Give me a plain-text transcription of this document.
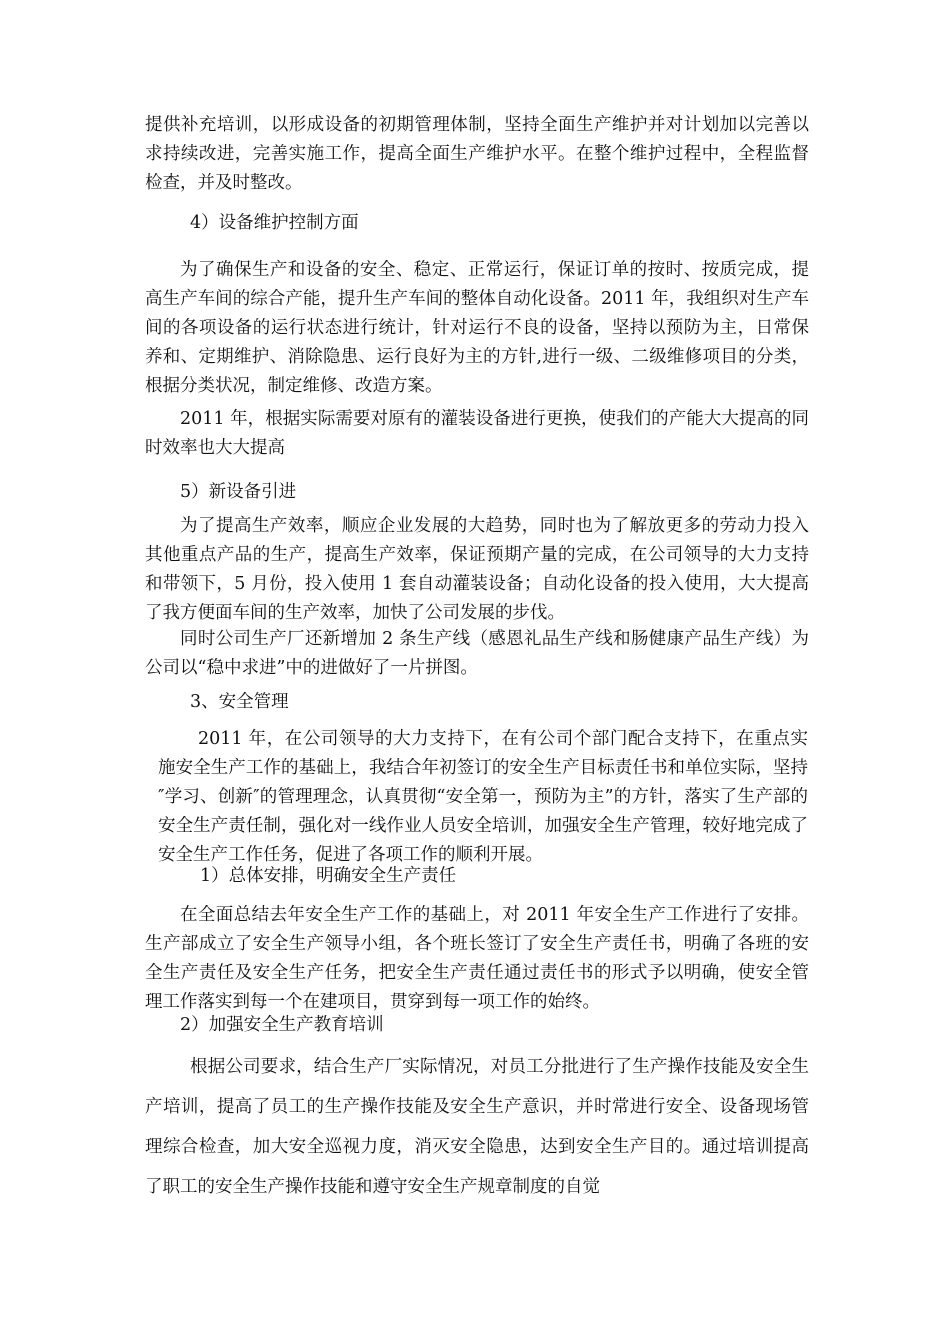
提供补充培训，以形成设备的初期管理体制，坚持全面生产维护并对计划加以完善以求持续改进，完善实施工作，提高全面生产维护水平。在整个维护过程中，全程监督检查，并及时整改。

4）设备维护控制方面

为了确保生产和设备的安全、稳定、正常运行，保证订单的按时、按质完成，提高生产车间的综合产能，提升生产车间的整体自动化设备。2011 年，我组织对生产车间的各项设备的运行状态进行统计，针对运行不良的设备，坚持以预防为主，日常保养和、定期维护、消除隐患、运行良好为主的方针,进行一级、二级维修项目的分类，根据分类状况，制定维修、改造方案。

2011 年，根据实际需要对原有的灌装设备进行更换，使我们的产能大大提高的同时效率也大大提高

5）新设备引进

为了提高生产效率，顺应企业发展的大趋势，同时也为了解放更多的劳动力投入其他重点产品的生产，提高生产效率，保证预期产量的完成，在公司领导的大力支持和带领下，5 月份，投入使用 1 套自动灌装设备；自动化设备的投入使用，大大提高了我方便面车间的生产效率，加快了公司发展的步伐。

同时公司生产厂还新增加 2 条生产线（感恩礼品生产线和肠健康产品生产线）为公司以“稳中求进”中的进做好了一片拼图。

3、安全管理

2011 年，在公司领导的大力支持下，在有公司个部门配合支持下，在重点实施安全生产工作的基础上，我结合年初签订的安全生产目标责任书和单位实际，坚持 ″学习、创新″的管理理念，认真贯彻“安全第一，预防为主”的方针，落实了生产部的安全生产责任制，强化对一线作业人员安全培训，加强安全生产管理，较好地完成了安全生产工作任务，促进了各项工作的顺利开展。

1）总体安排，明确安全生产责任

在全面总结去年安全生产工作的基础上，对 2011 年安全生产工作进行了安排。生产部成立了安全生产领导小组，各个班长签订了安全生产责任书，明确了各班的安全生产责任及安全生产任务，把安全生产责任通过责任书的形式予以明确，使安全管理工作落实到每一个在建项目，贯穿到每一项工作的始终。

2）加强安全生产教育培训

根据公司要求，结合生产厂实际情况，对员工分批进行了生产操作技能及安全生产培训，提高了员工的生产操作技能及安全生产意识，并时常进行安全、设备现场管理综合检查，加大安全巡视力度，消灭安全隐患，达到安全生产目的。通过培训提高了职工的安全生产操作技能和遵守安全生产规章制度的自觉
